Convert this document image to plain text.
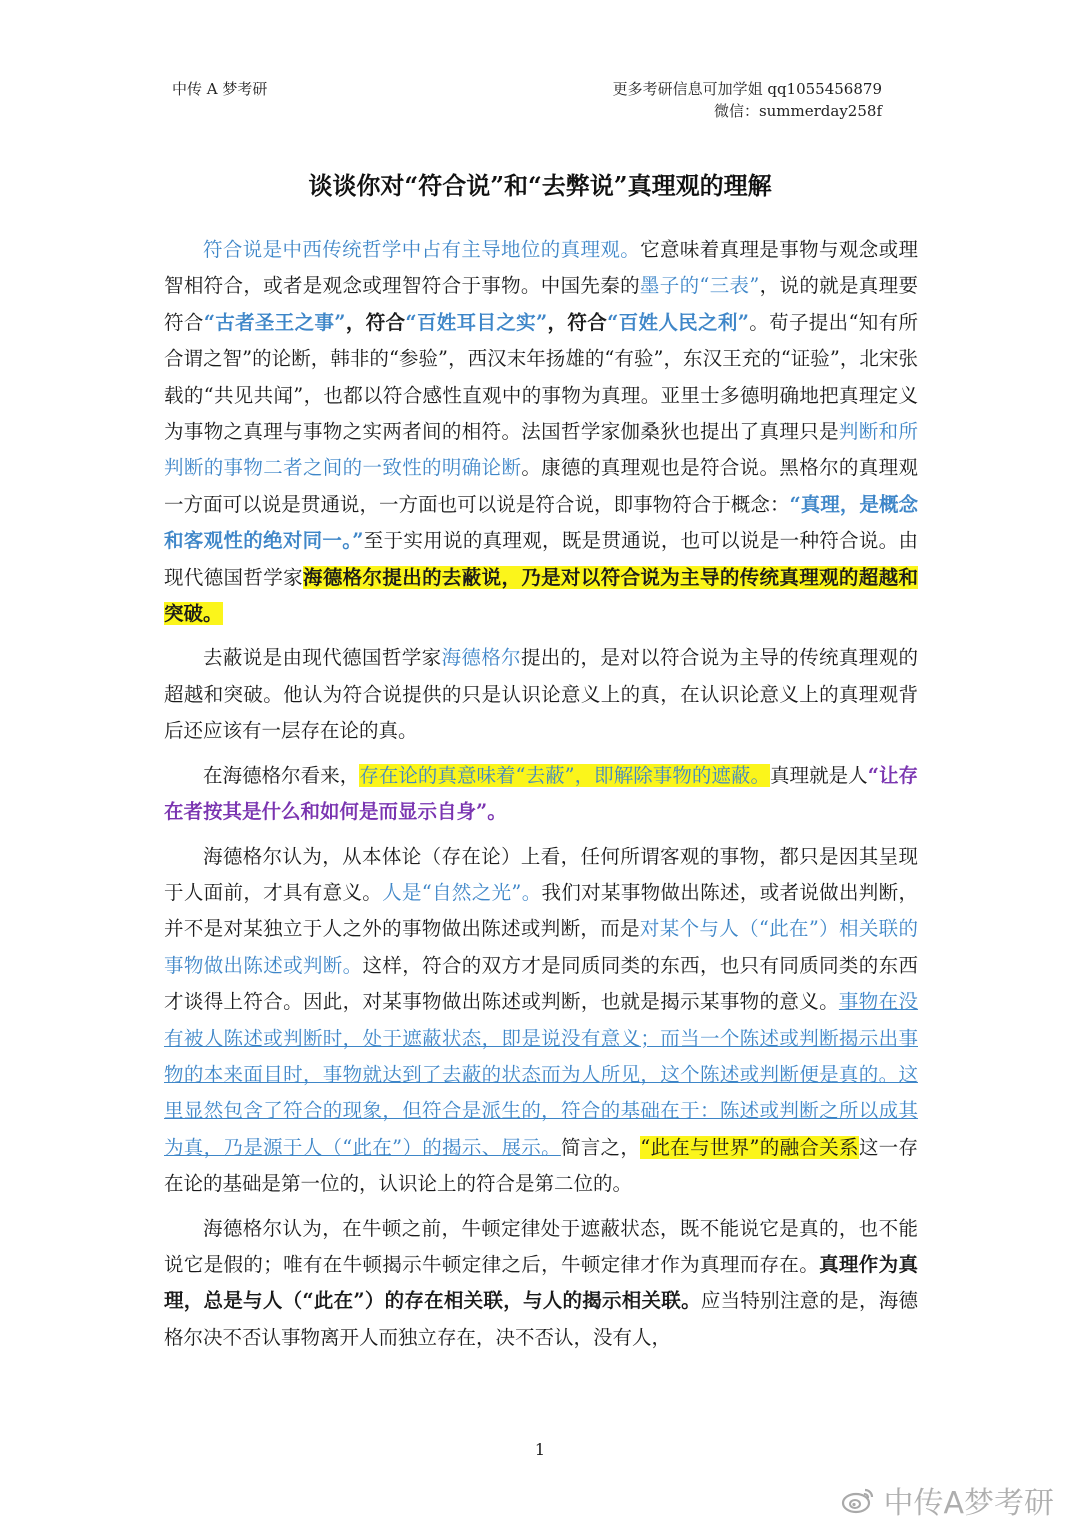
中传 A 梦考研	更多考研信息可加学姐 qq1055456879
微信：summerday258f
谈谈你对“符合说”和“去弊说”真理观的理解

符合说是中西传统哲学中占有主导地位的真理观。它意味着真理是事物与观念或理智相符合，或者是观念或理智符合于事物。中国先秦的墨子的“三表”，说的就是真理要符合“古者圣王之事”，符合“百姓耳目之实”，符合“百姓人民之利”。荀子提出“知有所合谓之智”的论断，韩非的“参验”，西汉末年扬雄的“有验”，东汉王充的“证验”，北宋张载的“共见共闻”，也都以符合感性直观中的事物为真理。亚里士多德明确地把真理定义为事物之真理与事物之实两者间的相符。法国哲学家伽桑狄也提出了真理只是判断和所判断的事物二者之间的一致性的明确论断。康德的真理观也是符合说。黑格尔的真理观一方面可以说是贯通说，一方面也可以说是符合说，即事物符合于概念：“真理，是概念和客观性的绝对同一。”至于实用说的真理观，既是贯通说，也可以说是一种符合说。由现代德国哲学家海德格尔提出的去蔽说，乃是对以符合说为主导的传统真理观的超越和突破。

去蔽说是由现代德国哲学家海德格尔提出的，是对以符合说为主导的传统真理观的超越和突破。他认为符合说提供的只是认识论意义上的真，在认识论意义上的真理观背后还应该有一层存在论的真。

在海德格尔看来，存在论的真意味着“去蔽”，即解除事物的遮蔽。真理就是人“让存在者按其是什么和如何是而显示自身”。

海德格尔认为，从本体论（存在论）上看，任何所谓客观的事物，都只是因其呈现于人面前，才具有意义。人是“自然之光”。我们对某事物做出陈述，或者说做出判断，并不是对某独立于人之外的事物做出陈述或判断，而是对某个与人（“此在”）相关联的事物做出陈述或判断。这样，符合的双方才是同质同类的东西，也只有同质同类的东西才谈得上符合。因此，对某事物做出陈述或判断，也就是揭示某事物的意义。事物在没有被人陈述或判断时，处于遮蔽状态，即是说没有意义；而当一个陈述或判断揭示出事物的本来面目时，事物就达到了去蔽的状态而为人所见，这个陈述或判断便是真的。这里显然包含了符合的现象，但符合是派生的，符合的基础在于：陈述或判断之所以成其为真，乃是源于人（“此在”）的揭示、展示。简言之，“此在与世界”的融合关系这一存在论的基础是第一位的，认识论上的符合是第二位的。

海德格尔认为，在牛顿之前，牛顿定律处于遮蔽状态，既不能说它是真的，也不能说它是假的；唯有在牛顿揭示牛顿定律之后，牛顿定律才作为真理而存在。真理作为真理，总是与人（“此在”）的存在相关联，与人的揭示相关联。应当特别注意的是，海德格尔决不否认事物离开人而独立存在，决不否认，没有人，

1
中传A梦考研
